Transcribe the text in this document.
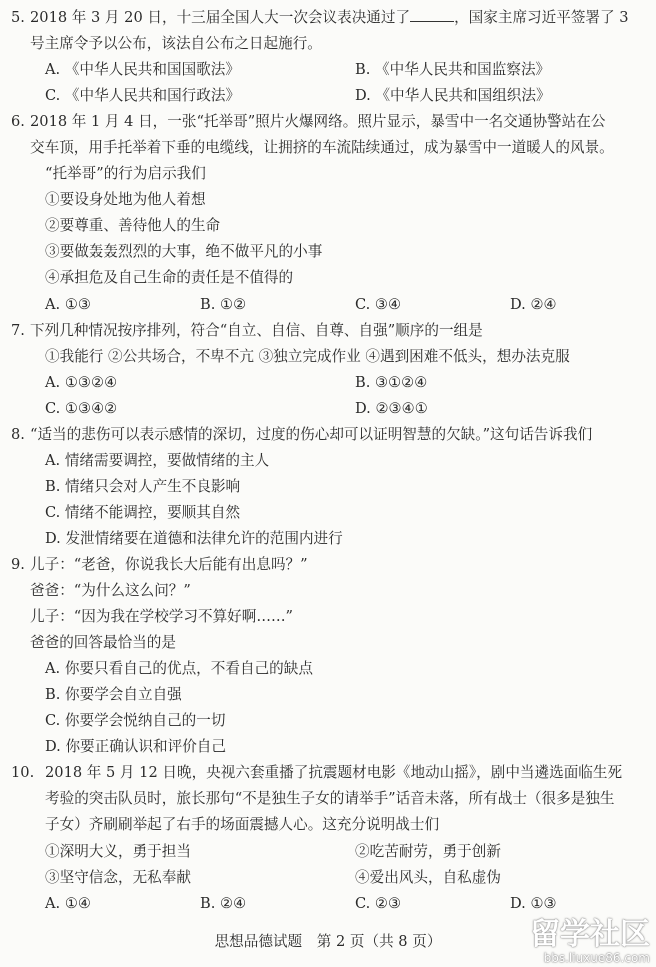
5. 2018 年 3 月 20 日，十三届全国人大一次会议表决通过了	，国家主席习近平签署了 3
号主席令予以公布，该法自公布之日起施行。
A. 《中华人民共和国国歌法》	B. 《中华人民共和国监察法》
C. 《中华人民共和国行政法》	D. 《中华人民共和国组织法》
6. 2018 年 1 月 4 日，一张“托举哥”照片火爆网络。照片显示，暴雪中一名交通协警站在公
交车顶，用手托举着下垂的电缆线，让拥挤的车流陆续通过，成为暴雪中一道暖人的风景。
“托举哥”的行为启示我们
①要设身处地为他人着想
②要尊重、善待他人的生命
③要做轰轰烈烈的大事，绝不做平凡的小事
④承担危及自己生命的责任是不值得的
A. ①③	B. ①②	C. ③④	D. ②④
7. 下列几种情况按序排列，符合“自立、自信、自尊、自强”顺序的一组是
①我能行 ②公共场合，不卑不亢 ③独立完成作业 ④遇到困难不低头，想办法克服
A. ①③②④	B. ③①②④
C. ①③④②	D. ②③④①
8. “适当的悲伤可以表示感情的深切，过度的伤心却可以证明智慧的欠缺。”这句话告诉我们
A. 情绪需要调控，要做情绪的主人
B. 情绪只会对人产生不良影响
C. 情绪不能调控，要顺其自然
D. 发泄情绪要在道德和法律允许的范围内进行
9. 儿子：“老爸，你说我长大后能有出息吗？”
爸爸：“为什么这么问？”
儿子：“因为我在学校学习不算好啊……”
爸爸的回答最恰当的是
A. 你要只看自己的优点，不看自己的缺点
B. 你要学会自立自强
C. 你要学会悦纳自己的一切
D. 你要正确认识和评价自己
10. 2018 年 5 月 12 日晚，央视六套重播了抗震题材电影《地动山摇》，剧中当遴选面临生死
考验的突击队员时，旅长那句“不是独生子女的请举手”话音未落，所有战士（很多是独生
子女）齐刷刷举起了右手的场面震撼人心。这充分说明战士们
①深明大义，勇于担当	②吃苦耐劳，勇于创新
③坚守信念，无私奉献	④爱出风头，自私虚伪
A. ①④	B. ②④	C. ②③	D. ①③
思想品德试题　第 2 页（共 8 页）	留学社区
bbs.liuxue86.com
